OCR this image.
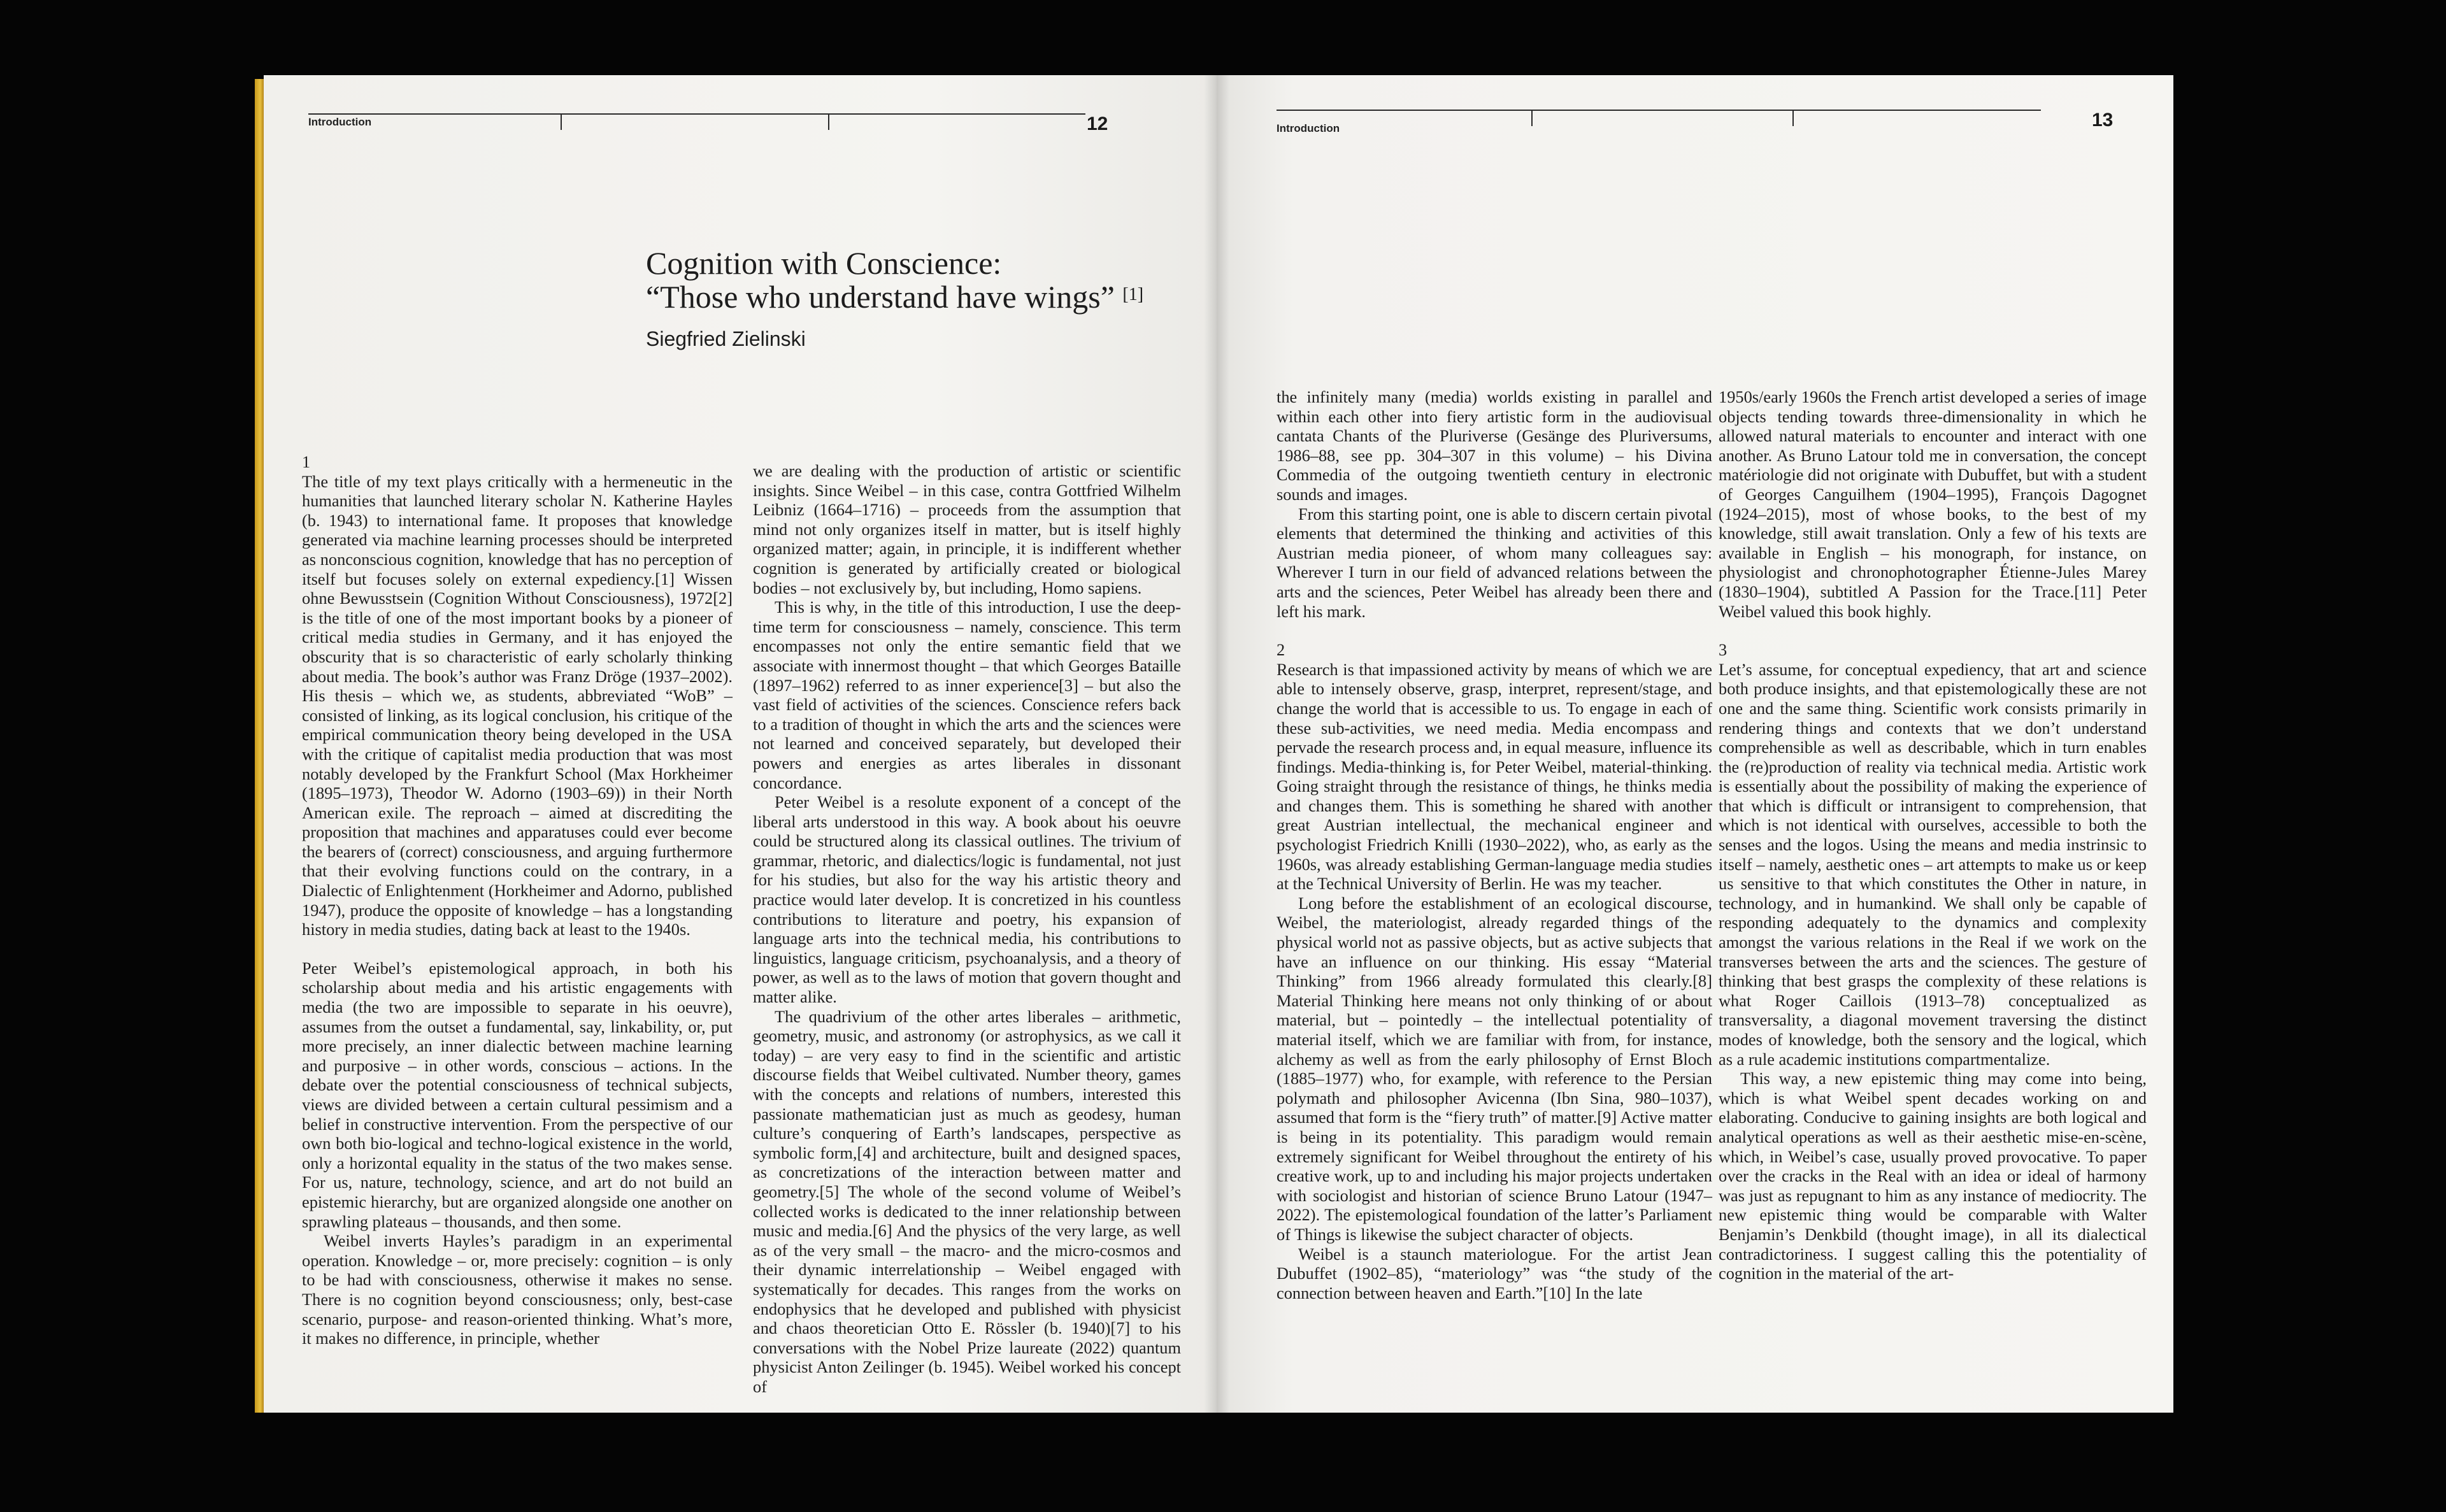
Introduction	12
Cognition with Conscience:
“Those who understand have wings” [1]
Siegfried Zielinski
1

The title of my text plays critically with a hermeneutic in the humanities that launched literary scholar N. Katherine Hayles (b. 1943) to international fame. It proposes that knowledge generated via machine learning processes should be interpreted as nonconscious cognition, knowledge that has no perception of itself but focuses solely on external expediency.[1] Wissen ohne Bewusstsein (Cognition Without Consciousness), 1972[2] is the title of one of the most important books by a pioneer of critical media studies in Germany, and it has enjoyed the obscurity that is so characteristic of early scholarly thinking about media. The book’s author was Franz Dröge (1937–2002). His thesis – which we, as students, abbreviated “WoB” – consisted of linking, as its logical conclusion, his critique of the empirical communication theory being developed in the USA with the critique of capitalist media production that was most notably developed by the Frankfurt School (Max Horkheimer (1895–1973), Theodor W. Adorno (1903–69)) in their North American exile. The reproach – aimed at discrediting the proposition that machines and apparatuses could ever become the bearers of (correct) consciousness, and arguing furthermore that their evolving functions could on the contrary, in a Dialectic of Enlightenment (Horkheimer and Adorno, published 1947), produce the opposite of knowledge – has a longstanding history in media studies, dating back at least to the 1940s.

Peter Weibel’s epistemological approach, in both his scholarship about media and his artistic engagements with media (the two are impossible to separate in his oeuvre), assumes from the outset a fundamental, say, linkability, or, put more precisely, an inner dialectic between machine learning and purposive – in other words, conscious – actions. In the debate over the potential consciousness of technical subjects, views are divided between a certain cultural pessimism and a belief in constructive intervention. From the perspective of our own both bio-logical and techno-logical existence in the world, only a horizontal equality in the status of the two makes sense. For us, nature, technology, science, and art do not build an epistemic hierarchy, but are organized alongside one another on sprawling plateaus – thousands, and then some.

Weibel inverts Hayles’s paradigm in an experimental operation. Knowledge – or, more precisely: cognition – is only to be had with consciousness, otherwise it makes no sense. There is no cognition beyond consciousness; only, best-case scenario, purpose- and reason-oriented thinking. What’s more, it makes no difference, in principle, whether

we are dealing with the production of artistic or scientific insights. Since Weibel – in this case, contra Gottfried Wilhelm Leibniz (1664–1716) – proceeds from the assumption that mind not only organizes itself in matter, but is itself highly organized matter; again, in principle, it is indifferent whether cognition is generated by artificially created or biological bodies – not exclusively by, but including, Homo sapiens.

This is why, in the title of this introduction, I use the deep-time term for consciousness – namely, conscience. This term encompasses not only the entire semantic field that we associate with innermost thought – that which Georges Bataille (1897–1962) referred to as inner experience[3] – but also the vast field of activities of the sciences. Conscience refers back to a tradition of thought in which the arts and the sciences were not learned and conceived separately, but developed their powers and energies as artes liberales in dissonant concordance.

Peter Weibel is a resolute exponent of a concept of the liberal arts understood in this way. A book about his oeuvre could be structured along its classical outlines. The trivium of grammar, rhetoric, and dialectics/logic is fundamental, not just for his studies, but also for the way his artistic theory and practice would later develop. It is concretized in his countless contributions to literature and poetry, his expansion of language arts into the technical media, his contributions to linguistics, language criticism, psychoanalysis, and a theory of power, as well as to the laws of motion that govern thought and matter alike.

The quadrivium of the other artes liberales – arithmetic, geometry, music, and astronomy (or astrophysics, as we call it today) – are very easy to find in the scientific and artistic discourse fields that Weibel cultivated. Number theory, games with the concepts and relations of numbers, interested this passionate mathematician just as much as geodesy, human culture’s conquering of Earth’s landscapes, perspective as symbolic form,[4] and architecture, built and designed spaces, as concretizations of the interaction between matter and geometry.[5] The whole of the second volume of Weibel’s collected works is dedicated to the inner relationship between music and media.[6] And the physics of the very large, as well as of the very small – the macro- and the micro-cosmos and their dynamic interrelationship – Weibel engaged with systematically for decades. This ranges from the works on endophysics that he developed and published with physicist and chaos theoretician Otto E. Rössler (b. 1940)[7] to his conversations with the Nobel Prize laureate (2022) quantum physicist Anton Zeilinger (b. 1945). Weibel worked his concept of

Introduction	13

the infinitely many (media) worlds existing in parallel and within each other into fiery artistic form in the audiovisual cantata Chants of the Pluriverse (Gesänge des Pluriversums, 1986–88, see pp. 304–307 in this volume) – his Divina Commedia of the outgoing twentieth century in electronic sounds and images.

From this starting point, one is able to discern certain pivotal elements that determined the thinking and activities of this Austrian media pioneer, of whom many colleagues say: Wherever I turn in our field of advanced relations between the arts and the sciences, Peter Weibel has already been there and left his mark.

2

Research is that impassioned activity by means of which we are able to intensely observe, grasp, interpret, represent/stage, and change the world that is accessible to us. To engage in each of these sub-activities, we need media. Media encompass and pervade the research process and, in equal measure, influence its findings. Media-thinking is, for Peter Weibel, material-thinking. Going straight through the resistance of things, he thinks media and changes them. This is something he shared with another great Austrian intellectual, the mechanical engineer and psychologist Friedrich Knilli (1930–2022), who, as early as the 1960s, was already establishing German-language media studies at the Technical University of Berlin. He was my teacher.

Long before the establishment of an ecological discourse, Weibel, the materiologist, already regarded things of the physical world not as passive objects, but as active subjects that have an influence on our thinking. His essay “Material Thinking” from 1966 already formulated this clearly.[8] Material Thinking here means not only thinking of or about material, but – pointedly – the intellectual potentiality of material itself, which we are familiar with from, for instance, alchemy as well as from the early philosophy of Ernst Bloch (1885–1977) who, for example, with reference to the Persian polymath and philosopher Avicenna (Ibn Sina, 980–1037), assumed that form is the “fiery truth” of matter.[9] Active matter is being in its potentiality. This paradigm would remain extremely significant for Weibel throughout the entirety of his creative work, up to and including his major projects undertaken with sociologist and historian of science Bruno Latour (1947–2022). The epistemological foundation of the latter’s Parliament of Things is likewise the subject character of objects.

Weibel is a staunch materiologue. For the artist Jean Dubuffet (1902–85), “materiology” was “the study of the connection between heaven and Earth.”[10] In the late

1950s/early 1960s the French artist developed a series of image objects tending towards three-dimensionality in which he allowed natural materials to encounter and interact with one another. As Bruno Latour told me in conversation, the concept matériologie did not originate with Dubuffet, but with a student of Georges Canguilhem (1904–1995), François Dagognet (1924–2015), most of whose books, to the best of my knowledge, still await translation. Only a few of his texts are available in English – his monograph, for instance, on physiologist and chronophotographer Étienne-Jules Marey (1830–1904), subtitled A Passion for the Trace.[11] Peter Weibel valued this book highly.

3

Let’s assume, for conceptual expediency, that art and science both produce insights, and that epistemologically these are not one and the same thing. Scientific work consists primarily in rendering things and contexts that we don’t understand comprehensible as well as describable, which in turn enables the (re)production of reality via technical media. Artistic work is essentially about the possibility of making the experience of that which is difficult or intransigent to comprehension, that which is not identical with ourselves, accessible to both the senses and the logos. Using the means and media instrinsic to itself – namely, aesthetic ones – art attempts to make us or keep us sensitive to that which constitutes the Other in nature, in technology, and in humankind. We shall only be capable of responding adequately to the dynamics and complexity amongst the various relations in the Real if we work on the transverses between the arts and the sciences. The gesture of thinking that best grasps the complexity of these relations is what Roger Caillois (1913–78) conceptualized as transversality, a diagonal movement traversing the distinct modes of knowledge, both the sensory and the logical, which as a rule academic institutions compartmentalize.

This way, a new epistemic thing may come into being, which is what Weibel spent decades working on and elaborating. Conducive to gaining insights are both logical and analytical operations as well as their aesthetic mise-en-scène, which, in Weibel’s case, usually proved provocative. To paper over the cracks in the Real with an idea or ideal of harmony was just as repugnant to him as any instance of mediocrity. The new epistemic thing would be comparable with Walter Benjamin’s Denkbild (thought image), in all its dialectical contradictoriness. I suggest calling this the potentiality of cognition in the material of the art-
